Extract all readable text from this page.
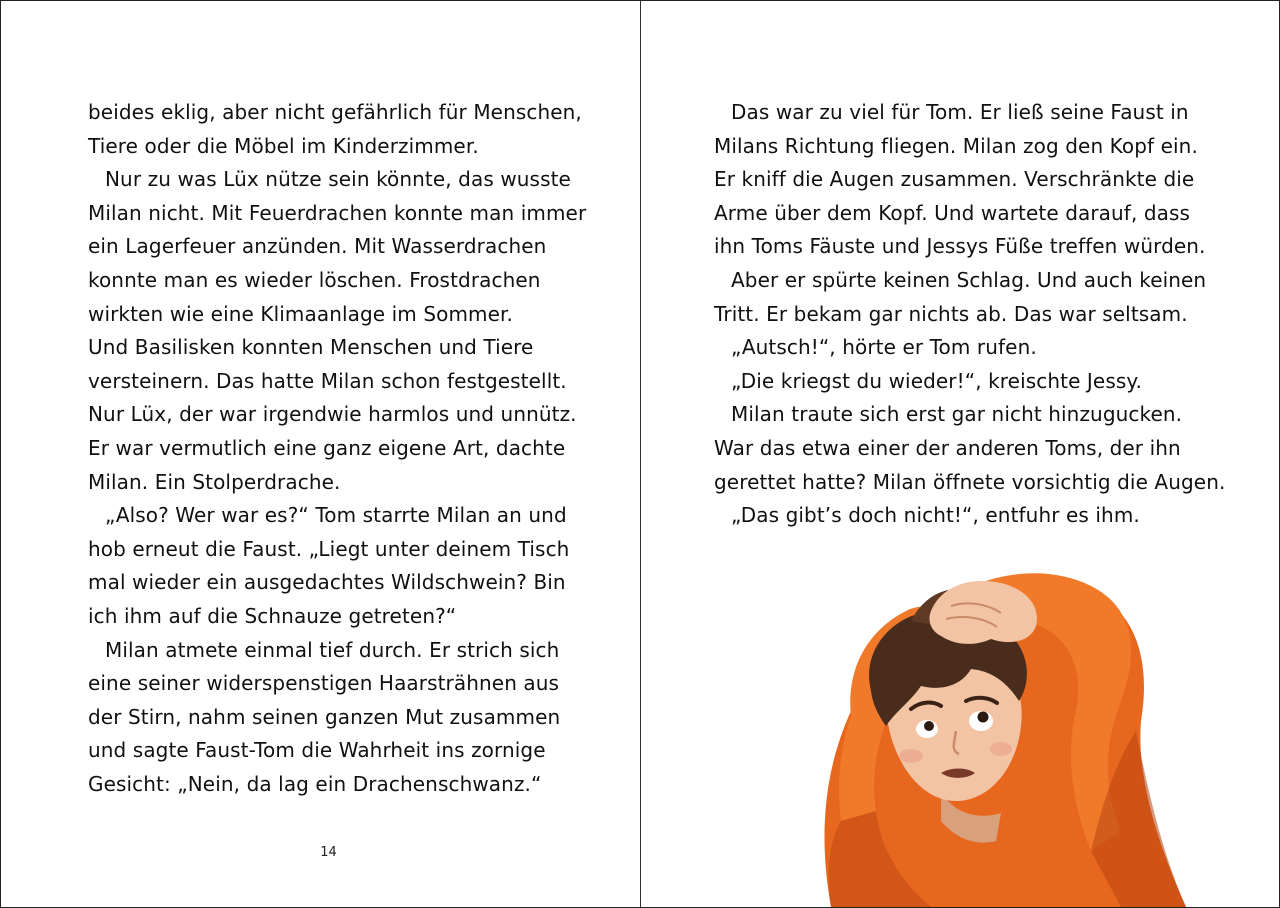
beides eklig, aber nicht gefährlich für Menschen,
Tiere oder die Möbel im Kinderzimmer.
Nur zu was Lüx nütze sein könnte, das wusste
Milan nicht. Mit Feuerdrachen konnte man immer
ein Lagerfeuer anzünden. Mit Wasserdrachen
konnte man es wieder löschen. Frostdrachen
wirkten wie eine Klimaanlage im Sommer.
Und Basilisken konnten Menschen und Tiere
versteinern. Das hatte Milan schon festgestellt.
Nur Lüx, der war irgendwie harmlos und unnütz.
Er war vermutlich eine ganz eigene Art, dachte
Milan. Ein Stolperdrache.
„Also? Wer war es?“ Tom starrte Milan an und
hob erneut die Faust. „Liegt unter deinem Tisch
mal wieder ein ausgedachtes Wildschwein? Bin
ich ihm auf die Schnauze getreten?“
Milan atmete einmal tief durch. Er strich sich
eine seiner widerspenstigen Haarsträhnen aus
der Stirn, nahm seinen ganzen Mut zusammen
und sagte Faust-Tom die Wahrheit ins zornige
Gesicht: „Nein, da lag ein Drachenschwanz.“
14
Das war zu viel für Tom. Er ließ seine Faust in
Milans Richtung fliegen. Milan zog den Kopf ein.
Er kniff die Augen zusammen. Verschränkte die
Arme über dem Kopf. Und wartete darauf, dass
ihn Toms Fäuste und Jessys Füße treffen würden.
Aber er spürte keinen Schlag. Und auch keinen
Tritt. Er bekam gar nichts ab. Das war seltsam.
„Autsch!“, hörte er Tom rufen.
„Die kriegst du wieder!“, kreischte Jessy.
Milan traute sich erst gar nicht hinzugucken.
War das etwa einer der anderen Toms, der ihn
gerettet hatte? Milan öffnete vorsichtig die Augen.
„Das gibt’s doch nicht!“, entfuhr es ihm.
